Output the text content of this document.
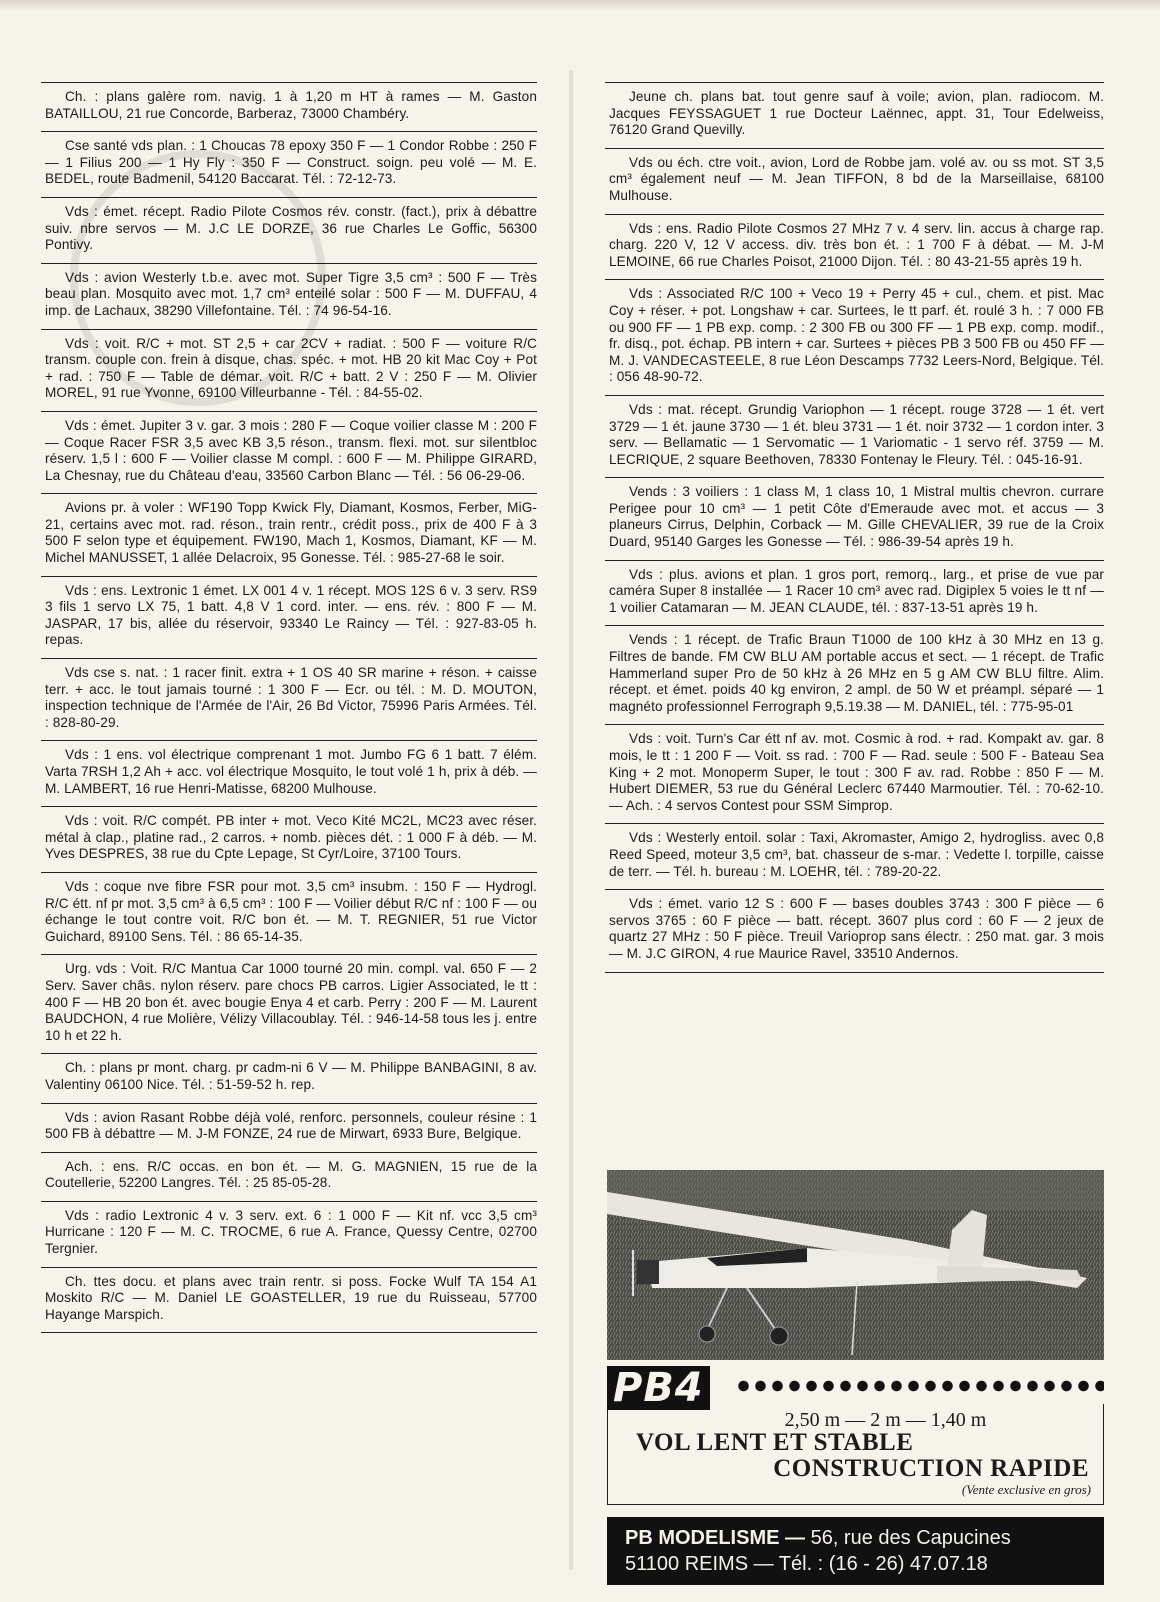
Ch. : plans galère rom. navig. 1 à 1,20 m HT à rames — M. Gaston BATAILLOU, 21 rue Concorde, Barberaz, 73000 Chambéry.
Cse santé vds plan. : 1 Choucas 78 epoxy 350 F — 1 Condor Robbe : 250 F — 1 Filius 200 — 1 Hy Fly : 350 F — Construct. soign. peu volé — M. E. BEDEL, route Badmenil, 54120 Baccarat. Tél. : 72-12-73.
Vds : émet. récept. Radio Pilote Cosmos rév. constr. (fact.), prix à débattre suiv. nbre servos — M. J.C LE DORZE, 36 rue Charles Le Goffic, 56300 Pontivy.
Vds : avion Westerly t.b.e. avec mot. Super Tigre 3,5 cm³ : 500 F — Très beau plan. Mosquito avec mot. 1,7 cm³ enteilé solar : 500 F — M. DUFFAU, 4 imp. de Lachaux, 38290 Villefontaine. Tél. : 74 96-54-16.
Vds : voit. R/C + mot. ST 2,5 + car 2CV + radiat. : 500 F — voiture R/C transm. couple con. frein à disque, chas. spéc. + mot. HB 20 kit Mac Coy + Pot + rad. : 750 F — Table de démar. voit. R/C + batt. 2 V : 250 F — M. Olivier MOREL, 91 rue Yvonne, 69100 Villeurbanne - Tél. : 84-55-02.
Vds : émet. Jupiter 3 v. gar. 3 mois : 280 F — Coque voilier classe M : 200 F — Coque Racer FSR 3,5 avec KB 3,5 réson., transm. flexi. mot. sur silentbloc réserv. 1,5 l : 600 F — Voilier classe M compl. : 600 F — M. Philippe GIRARD, La Chesnay, rue du Château d'eau, 33560 Carbon Blanc — Tél. : 56 06-29-06.
Avions pr. à voler : WF190 Topp Kwick Fly, Diamant, Kosmos, Ferber, MiG-21, certains avec mot. rad. réson., train rentr., crédit poss., prix de 400 F à 3 500 F selon type et équipement. FW190, Mach 1, Kosmos, Diamant, KF — M. Michel MANUSSET, 1 allée Delacroix, 95 Gonesse. Tél. : 985-27-68 le soir.
Vds : ens. Lextronic 1 émet. LX 001 4 v. 1 récept. MOS 12S 6 v. 3 serv. RS9 3 fils 1 servo LX 75, 1 batt. 4,8 V 1 cord. inter. — ens. rév. : 800 F — M. JASPAR, 17 bis, allée du réservoir, 93340 Le Raincy — Tél. : 927-83-05 h. repas.
Vds cse s. nat. : 1 racer finit. extra + 1 OS 40 SR marine + réson. + caisse terr. + acc. le tout jamais tourné : 1 300 F — Ecr. ou tél. : M. D. MOUTON, inspection technique de l'Armée de l'Air, 26 Bd Victor, 75996 Paris Armées. Tél. : 828-80-29.
Vds : 1 ens. vol électrique comprenant 1 mot. Jumbo FG 6 1 batt. 7 élém. Varta 7RSH 1,2 Ah + acc. vol électrique Mosquito, le tout volé 1 h, prix à déb. — M. LAMBERT, 16 rue Henri-Matisse, 68200 Mulhouse.
Vds : voit. R/C compét. PB inter + mot. Veco Kité MC2L, MC23 avec réser. métal à clap., platine rad., 2 carros. + nomb. pièces dét. : 1 000 F à déb. — M. Yves DESPRES, 38 rue du Cpte Lepage, St Cyr/Loire, 37100 Tours.
Vds : coque nve fibre FSR pour mot. 3,5 cm³ insubm. : 150 F — Hydrogl. R/C étt. nf pr mot. 3,5 cm³ à 6,5 cm³ : 100 F — Voilier début R/C nf : 100 F — ou échange le tout contre voit. R/C bon ét. — M. T. REGNIER, 51 rue Victor Guichard, 89100 Sens. Tél. : 86 65-14-35.
Urg. vds : Voit. R/C Mantua Car 1000 tourné 20 min. compl. val. 650 F — 2 Serv. Saver châs. nylon réserv. pare chocs PB carros. Ligier Associated, le tt : 400 F — HB 20 bon ét. avec bougie Enya 4 et carb. Perry : 200 F — M. Laurent BAUDCHON, 4 rue Molière, Vélizy Villacoublay. Tél. : 946-14-58 tous les j. entre 10 h et 22 h.
Ch. : plans pr mont. charg. pr cadm-ni 6 V — M. Philippe BANBAGINI, 8 av. Valentiny 06100 Nice. Tél. : 51-59-52 h. rep.
Vds : avion Rasant Robbe déjà volé, renforc. personnels, couleur résine : 1 500 FB à débattre — M. J-M FONZE, 24 rue de Mirwart, 6933 Bure, Belgique.
Ach. : ens. R/C occas. en bon ét. — M. G. MAGNIEN, 15 rue de la Coutellerie, 52200 Langres. Tél. : 25 85-05-28.
Vds : radio Lextronic 4 v. 3 serv. ext. 6 : 1 000 F — Kit nf. vcc 3,5 cm³ Hurricane : 120 F — M. C. TROCME, 6 rue A. France, Quessy Centre, 02700 Tergnier.
Ch. ttes docu. et plans avec train rentr. si poss. Focke Wulf TA 154 A1 Moskito R/C — M. Daniel LE GOASTELLER, 19 rue du Ruisseau, 57700 Hayange Marspich.
Jeune ch. plans bat. tout genre sauf à voile; avion, plan. radiocom. M. Jacques FEYSSAGUET 1 rue Docteur Laënnec, appt. 31, Tour Edelweiss, 76120 Grand Quevilly.
Vds ou éch. ctre voit., avion, Lord de Robbe jam. volé av. ou ss mot. ST 3,5 cm³ également neuf — M. Jean TIFFON, 8 bd de la Marseillaise, 68100 Mulhouse.
Vds : ens. Radio Pilote Cosmos 27 MHz 7 v. 4 serv. lin. accus à charge rap. charg. 220 V, 12 V access. div. très bon ét. : 1 700 F à débat. — M. J-M LEMOINE, 66 rue Charles Poisot, 21000 Dijon. Tél. : 80 43-21-55 après 19 h.
Vds : Associated R/C 100 + Veco 19 + Perry 45 + cul., chem. et pist. Mac Coy + réser. + pot. Longshaw + car. Surtees, le tt parf. ét. roulé 3 h. : 7 000 FB ou 900 FF — 1 PB exp. comp. : 2 300 FB ou 300 FF — 1 PB exp. comp. modif., fr. disq., pot. échap. PB intern + car. Surtees + pièces PB 3 500 FB ou 450 FF — M. J. VANDECASTEELE, 8 rue Léon Descamps 7732 Leers-Nord, Belgique. Tél. : 056 48-90-72.
Vds : mat. récept. Grundig Variophon — 1 récept. rouge 3728 — 1 ét. vert 3729 — 1 ét. jaune 3730 — 1 ét. bleu 3731 — 1 ét. noir 3732 — 1 cordon inter. 3 serv. — Bellamatic — 1 Servomatic — 1 Variomatic - 1 servo réf. 3759 — M. LECRIQUE, 2 square Beethoven, 78330 Fontenay le Fleury. Tél. : 045-16-91.
Vends : 3 voiliers : 1 class M, 1 class 10, 1 Mistral multis chevron. currare Perigee pour 10 cm³ — 1 petit Côte d'Emeraude avec mot. et accus — 3 planeurs Cirrus, Delphin, Corback — M. Gille CHEVALIER, 39 rue de la Croix Duard, 95140 Garges les Gonesse — Tél. : 986-39-54 après 19 h.
Vds : plus. avions et plan. 1 gros port, remorq., larg., et prise de vue par caméra Super 8 installée — 1 Racer 10 cm³ avec rad. Digiplex 5 voies le tt nf — 1 voilier Catamaran — M. JEAN CLAUDE, tél. : 837-13-51 après 19 h.
Vends : 1 récept. de Trafic Braun T1000 de 100 kHz à 30 MHz en 13 g. Filtres de bande. FM CW BLU AM portable accus et sect. — 1 récept. de Trafic Hammerland super Pro de 50 kHz à 26 MHz en 5 g AM CW BLU filtre. Alim. récept. et émet. poids 40 kg environ, 2 ampl. de 50 W et préampl. séparé — 1 magnéto professionnel Ferrograph 9,5.19.38 — M. DANIEL, tél. : 775-95-01
Vds : voit. Turn's Car étt nf av. mot. Cosmic à rod. + rad. Kompakt av. gar. 8 mois, le tt : 1 200 F — Voit. ss rad. : 700 F — Rad. seule : 500 F - Bateau Sea King + 2 mot. Monoperm Super, le tout : 300 F av. rad. Robbe : 850 F — M. Hubert DIEMER, 53 rue du Général Leclerc 67440 Marmoutier. Tél. : 70-62-10. — Ach. : 4 servos Contest pour SSM Simprop.
Vds : Westerly entoil. solar : Taxi, Akromaster, Amigo 2, hydrogliss. avec 0,8 Reed Speed, moteur 3,5 cm³, bat. chasseur de s-mar. : Vedette l. torpille, caisse de terr. — Tél. h. bureau : M. LOEHR, tél. : 789-20-22.
Vds : émet. vario 12 S : 600 F — bases doubles 3743 : 300 F pièce — 6 servos 3765 : 60 F pièce — batt. récept. 3607 plus cord : 60 F — 2 jeux de quartz 27 MHz : 50 F pièce. Treuil Varioprop sans électr. : 250 mat. gar. 3 mois — M. J.C GIRON, 4 rue Maurice Ravel, 33510 Andernos.
PB4
2,50 m — 2 m — 1,40 m
VOL LENT ET STABLE
CONSTRUCTION RAPIDE
(Vente exclusive en gros)
PB MODELISME — 56, rue des Capucines
51100 REIMS — Tél. : (16 - 26) 47.07.18
